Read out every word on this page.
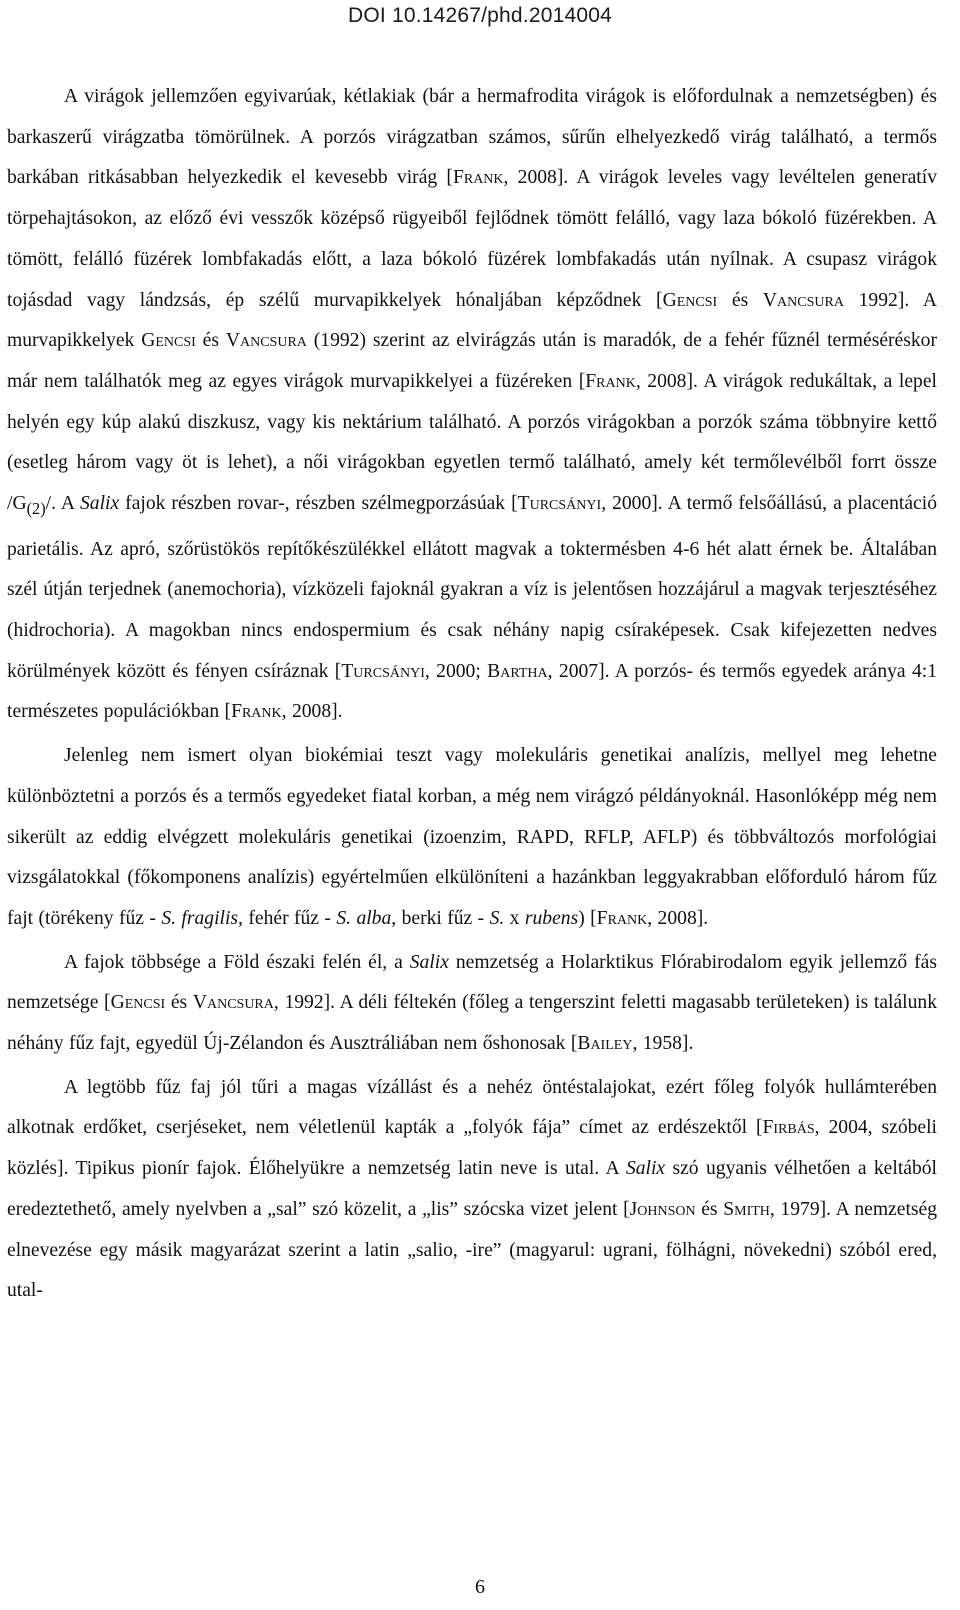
DOI 10.14267/phd.2014004

A virágok jellemzően egyivarúak, kétlakiak (bár a hermafrodita virágok is előfordulnak a nemzetségben) és barkaszerű virágzatba tömörülnek. A porzós virágzatban számos, sűrűn elhelyezkedő virág található, a termős barkában ritkásabban helyezkedik el kevesebb virág [Frank, 2008]. A virágok leveles vagy levéltelen generatív törpehajtásokon, az előző évi vesszők középső rügyeiből fejlődnek tömött felálló, vagy laza bókoló füzérekben. A tömött, felálló füzérek lombfakadás előtt, a laza bókoló füzérek lombfakadás után nyílnak. A csupasz virágok tojásdad vagy lándzsás, ép szélű murvapikkelyek hónaljában képződnek [Gencsi és Vancsura 1992]. A murvapikkelyek Gencsi és Vancsura (1992) szerint az elvirágzás után is maradók, de a fehér fűznél terméséréskor már nem találhatók meg az egyes virágok murvapikkelyei a füzéreken [Frank, 2008]. A virágok redukáltak, a lepel helyén egy kúp alakú diszkusz, vagy kis nektárium található. A porzós virágokban a porzók száma többnyire kettő (esetleg három vagy öt is lehet), a női virágokban egyetlen termő található, amely két termőlevélből forrt össze $/G_{(2)}/$. A Salix fajok részben rovar-, részben szélmegporzásúak [Turcsányi, 2000]. A termő felsőállású, a placentáció parietális. Az apró, szőrüstökös repítőkészülékkel ellátott magvak a toktermésben 4-6 hét alatt érnek be. Általában szél útján terjednek (anemochoria), vízközeli fajoknál gyakran a víz is jelentősen hozzájárul a magvak terjesztéséhez (hidrochoria). A magokban nincs endospermium és csak néhány napig csíraképesek. Csak kifejezetten nedves körülmények között és fényen csíráznak [Turcsányi, 2000; Bartha, 2007]. A porzós- és termős egyedek aránya 4:1 természetes populációkban [Frank, 2008].

Jelenleg nem ismert olyan biokémiai teszt vagy molekuláris genetikai analízis, mellyel meg lehetne különböztetni a porzós és a termős egyedeket fiatal korban, a még nem virágzó példányoknál. Hasonlóképp még nem sikerült az eddig elvégzett molekuláris genetikai (izoenzim, RAPD, RFLP, AFLP) és többváltozós morfológiai vizsgálatokkal (főkomponens analízis) egyértelműen elkülöníteni a hazánkban leggyakrabban előforduló három fűz fajt (törékeny fűz - S. fragilis, fehér fűz - S. alba, berki fűz - S. x rubens) [Frank, 2008].

A fajok többsége a Föld északi felén él, a Salix nemzetség a Holarktikus Flórabirodalom egyik jellemző fás nemzetsége [Gencsi és Vancsura, 1992]. A déli féltekén (főleg a tengerszint feletti magasabb területeken) is találunk néhány fűz fajt, egyedül Új-Zélandon és Ausztráliában nem őshonosak [Bailey, 1958].

A legtöbb fűz faj jól tűri a magas vízállást és a nehéz öntéstalajokat, ezért főleg folyók hullámterében alkotnak erdőket, cserjéseket, nem véletlenül kapták a „folyók fája” címet az erdészektől [Firbás, 2004, szóbeli közlés]. Tipikus pionír fajok. Élőhelyükre a nemzetség latin neve is utal. A Salix szó ugyanis vélhetően a keltából eredeztethető, amely nyelvben a „sal” szó közelit, a „lis” szócska vizet jelent [Johnson és Smith, 1979]. A nemzetség elnevezése egy másik magyarázat szerint a latin „salio, -ire” (magyarul: ugrani, fölhágni, növekedni) szóból ered, utal-

6
